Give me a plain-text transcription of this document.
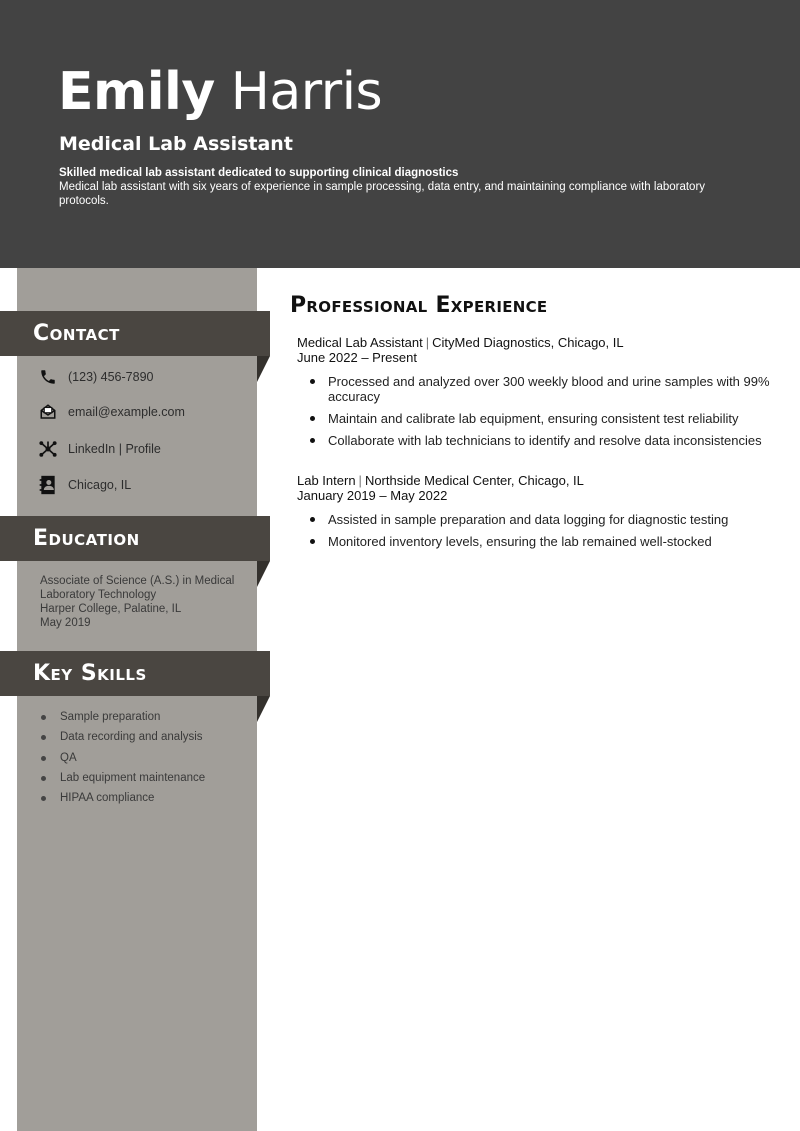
Emily Harris
Medical Lab Assistant
Skilled medical lab assistant dedicated to supporting clinical diagnostics
Medical lab assistant with six years of experience in sample processing, data entry, and maintaining compliance with laboratory protocols.
Contact
(123) 456-7890
email@example.com
LinkedIn | Profile
Chicago, IL
Education
Associate of Science (A.S.) in Medical
Laboratory Technology
Harper College, Palatine, IL
May 2019
Key Skills
Sample preparation
Data recording and analysis
QA
Lab equipment maintenance
HIPAA compliance
Professional Experience
Medical Lab Assistant | CityMed Diagnostics, Chicago, IL
June 2022 – Present
Processed and analyzed over 300 weekly blood and urine samples with 99% accuracy
Maintain and calibrate lab equipment, ensuring consistent test reliability
Collaborate with lab technicians to identify and resolve data inconsistencies
Lab Intern | Northside Medical Center, Chicago, IL
January 2019 – May 2022
Assisted in sample preparation and data logging for diagnostic testing
Monitored inventory levels, ensuring the lab remained well-stocked
